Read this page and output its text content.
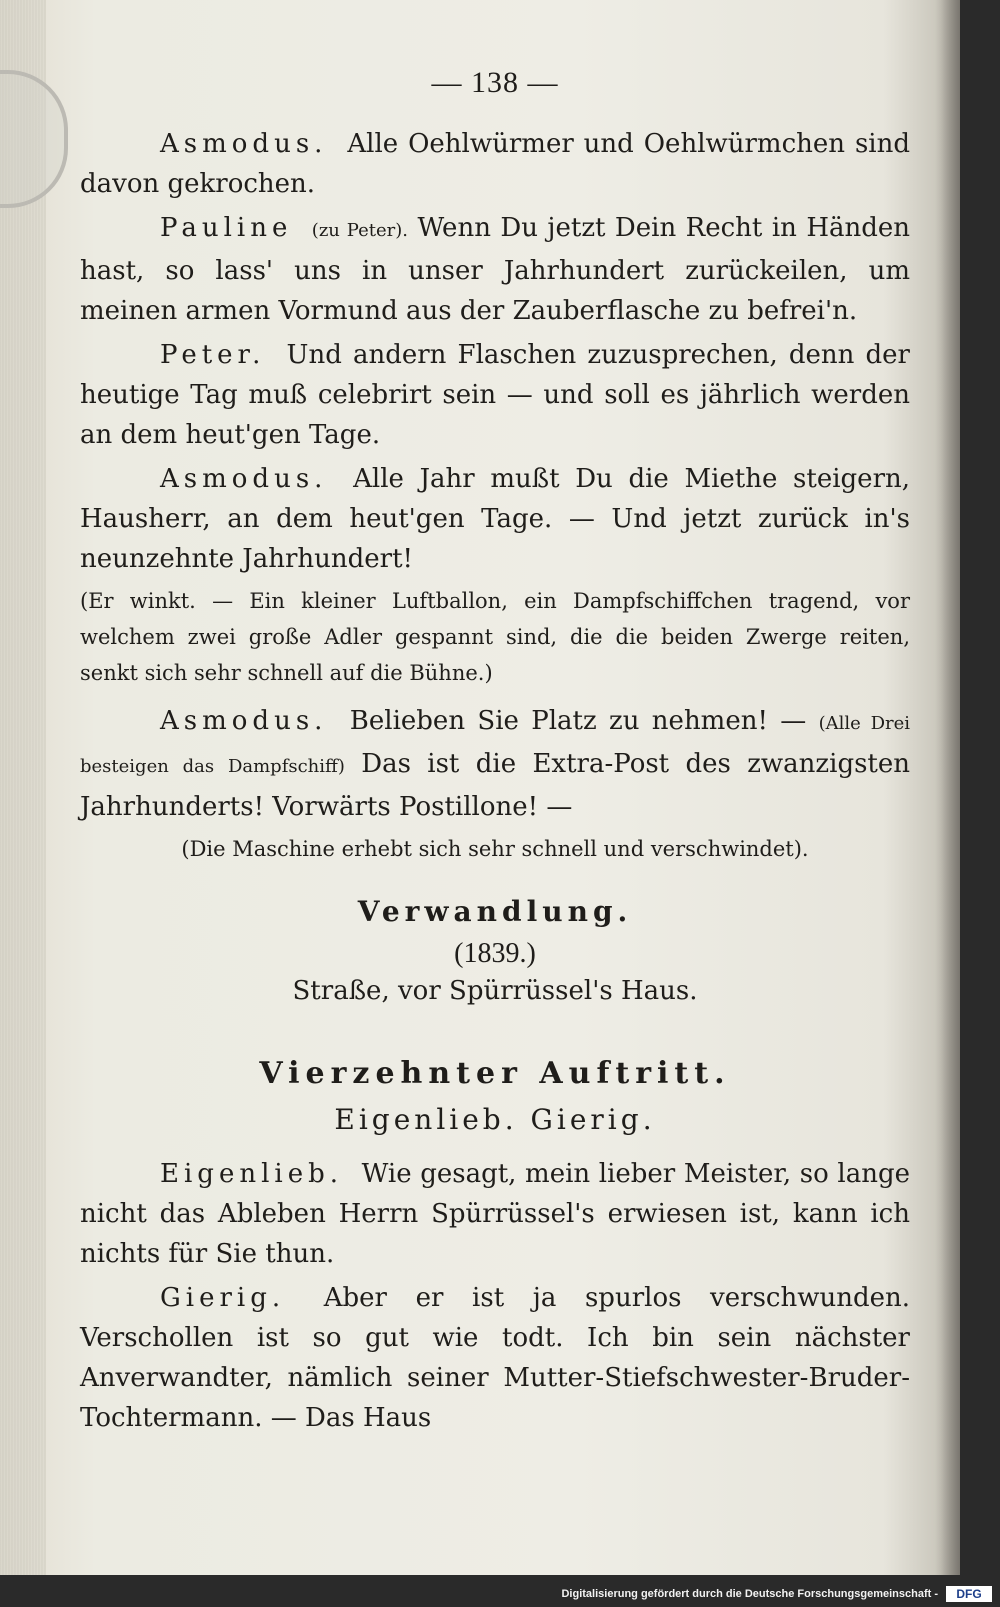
— 138 —

Asmodus. Alle Oehlwürmer und Oehlwürmchen sind davon gekrochen.

Pauline (zu Peter). Wenn Du jetzt Dein Recht in Händen hast, so lass' uns in unser Jahrhundert zurückeilen, um meinen armen Vormund aus der Zauberflasche zu befrei'n.

Peter. Und andern Flaschen zuzusprechen, denn der heutige Tag muß celebrirt sein — und soll es jährlich werden an dem heut'gen Tage.

Asmodus. Alle Jahr mußt Du die Miethe steigern, Hausherr, an dem heut'gen Tage. — Und jetzt zurück in's neunzehnte Jahrhundert!

(Er winkt. — Ein kleiner Luftballon, ein Dampfschiffchen tragend, vor welchem zwei große Adler gespannt sind, die die beiden Zwerge reiten, senkt sich sehr schnell auf die Bühne.)

Asmodus. Belieben Sie Platz zu nehmen! — (Alle Drei besteigen das Dampfschiff) Das ist die Extra-Post des zwanzigsten Jahrhunderts! Vorwärts Postillone! —

(Die Maschine erhebt sich sehr schnell und verschwindet).

Verwandlung.
(1839.)
Straße, vor Spürrüssel's Haus.
Vierzehnter Auftritt.
Eigenlieb. Gierig.

Eigenlieb. Wie gesagt, mein lieber Meister, so lange nicht das Ableben Herrn Spürrüssel's erwiesen ist, kann ich nichts für Sie thun.

Gierig. Aber er ist ja spurlos verschwunden. Verschollen ist so gut wie todt. Ich bin sein nächster Anverwandter, nämlich seiner Mutter-Stiefschwester-Bruder-Tochtermann. — Das Haus

Digitalisierung gefördert durch die Deutsche Forschungsgemeinschaft -	DFG
